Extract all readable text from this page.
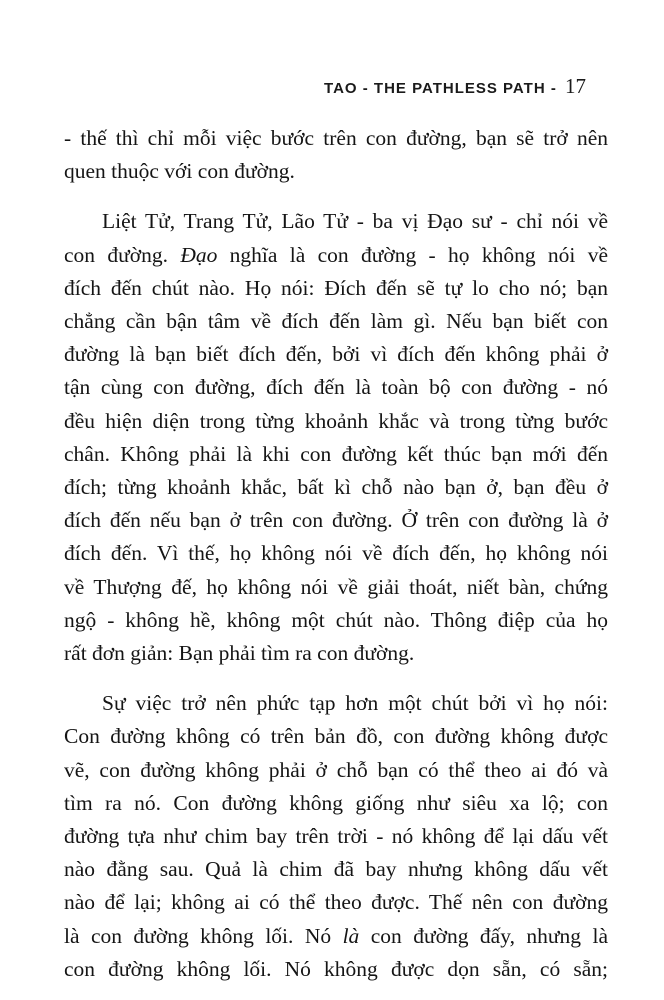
TAO - THE PATHLESS PATH - 17

- thế thì chỉ mỗi việc bước trên con đường, bạn sẽ trở nên
quen thuộc với con đường.

Liệt Tử, Trang Tử, Lão Tử - ba vị Đạo sư - chỉ nói về
con đường. Đạo nghĩa là con đường - họ không nói về
đích đến chút nào. Họ nói: Đích đến sẽ tự lo cho nó; bạn
chẳng cần bận tâm về đích đến làm gì. Nếu bạn biết con
đường là bạn biết đích đến, bởi vì đích đến không phải ở
tận cùng con đường, đích đến là toàn bộ con đường - nó
đều hiện diện trong từng khoảnh khắc và trong từng bước
chân. Không phải là khi con đường kết thúc bạn mới đến
đích; từng khoảnh khắc, bất kì chỗ nào bạn ở, bạn đều ở
đích đến nếu bạn ở trên con đường. Ở trên con đường là ở
đích đến. Vì thế, họ không nói về đích đến, họ không nói
về Thượng đế, họ không nói về giải thoát, niết bàn, chứng
ngộ - không hề, không một chút nào. Thông điệp của họ
rất đơn giản: Bạn phải tìm ra con đường.

Sự việc trở nên phức tạp hơn một chút bởi vì họ nói:
Con đường không có trên bản đồ, con đường không được
vẽ, con đường không phải ở chỗ bạn có thể theo ai đó và
tìm ra nó. Con đường không giống như siêu xa lộ; con
đường tựa như chim bay trên trời - nó không để lại dấu vết
nào đằng sau. Quả là chim đã bay nhưng không dấu vết
nào để lại; không ai có thể theo được. Thế nên con đường
là con đường không lối. Nó là con đường đấy, nhưng là
con đường không lối. Nó không được dọn sẵn, có sẵn;
